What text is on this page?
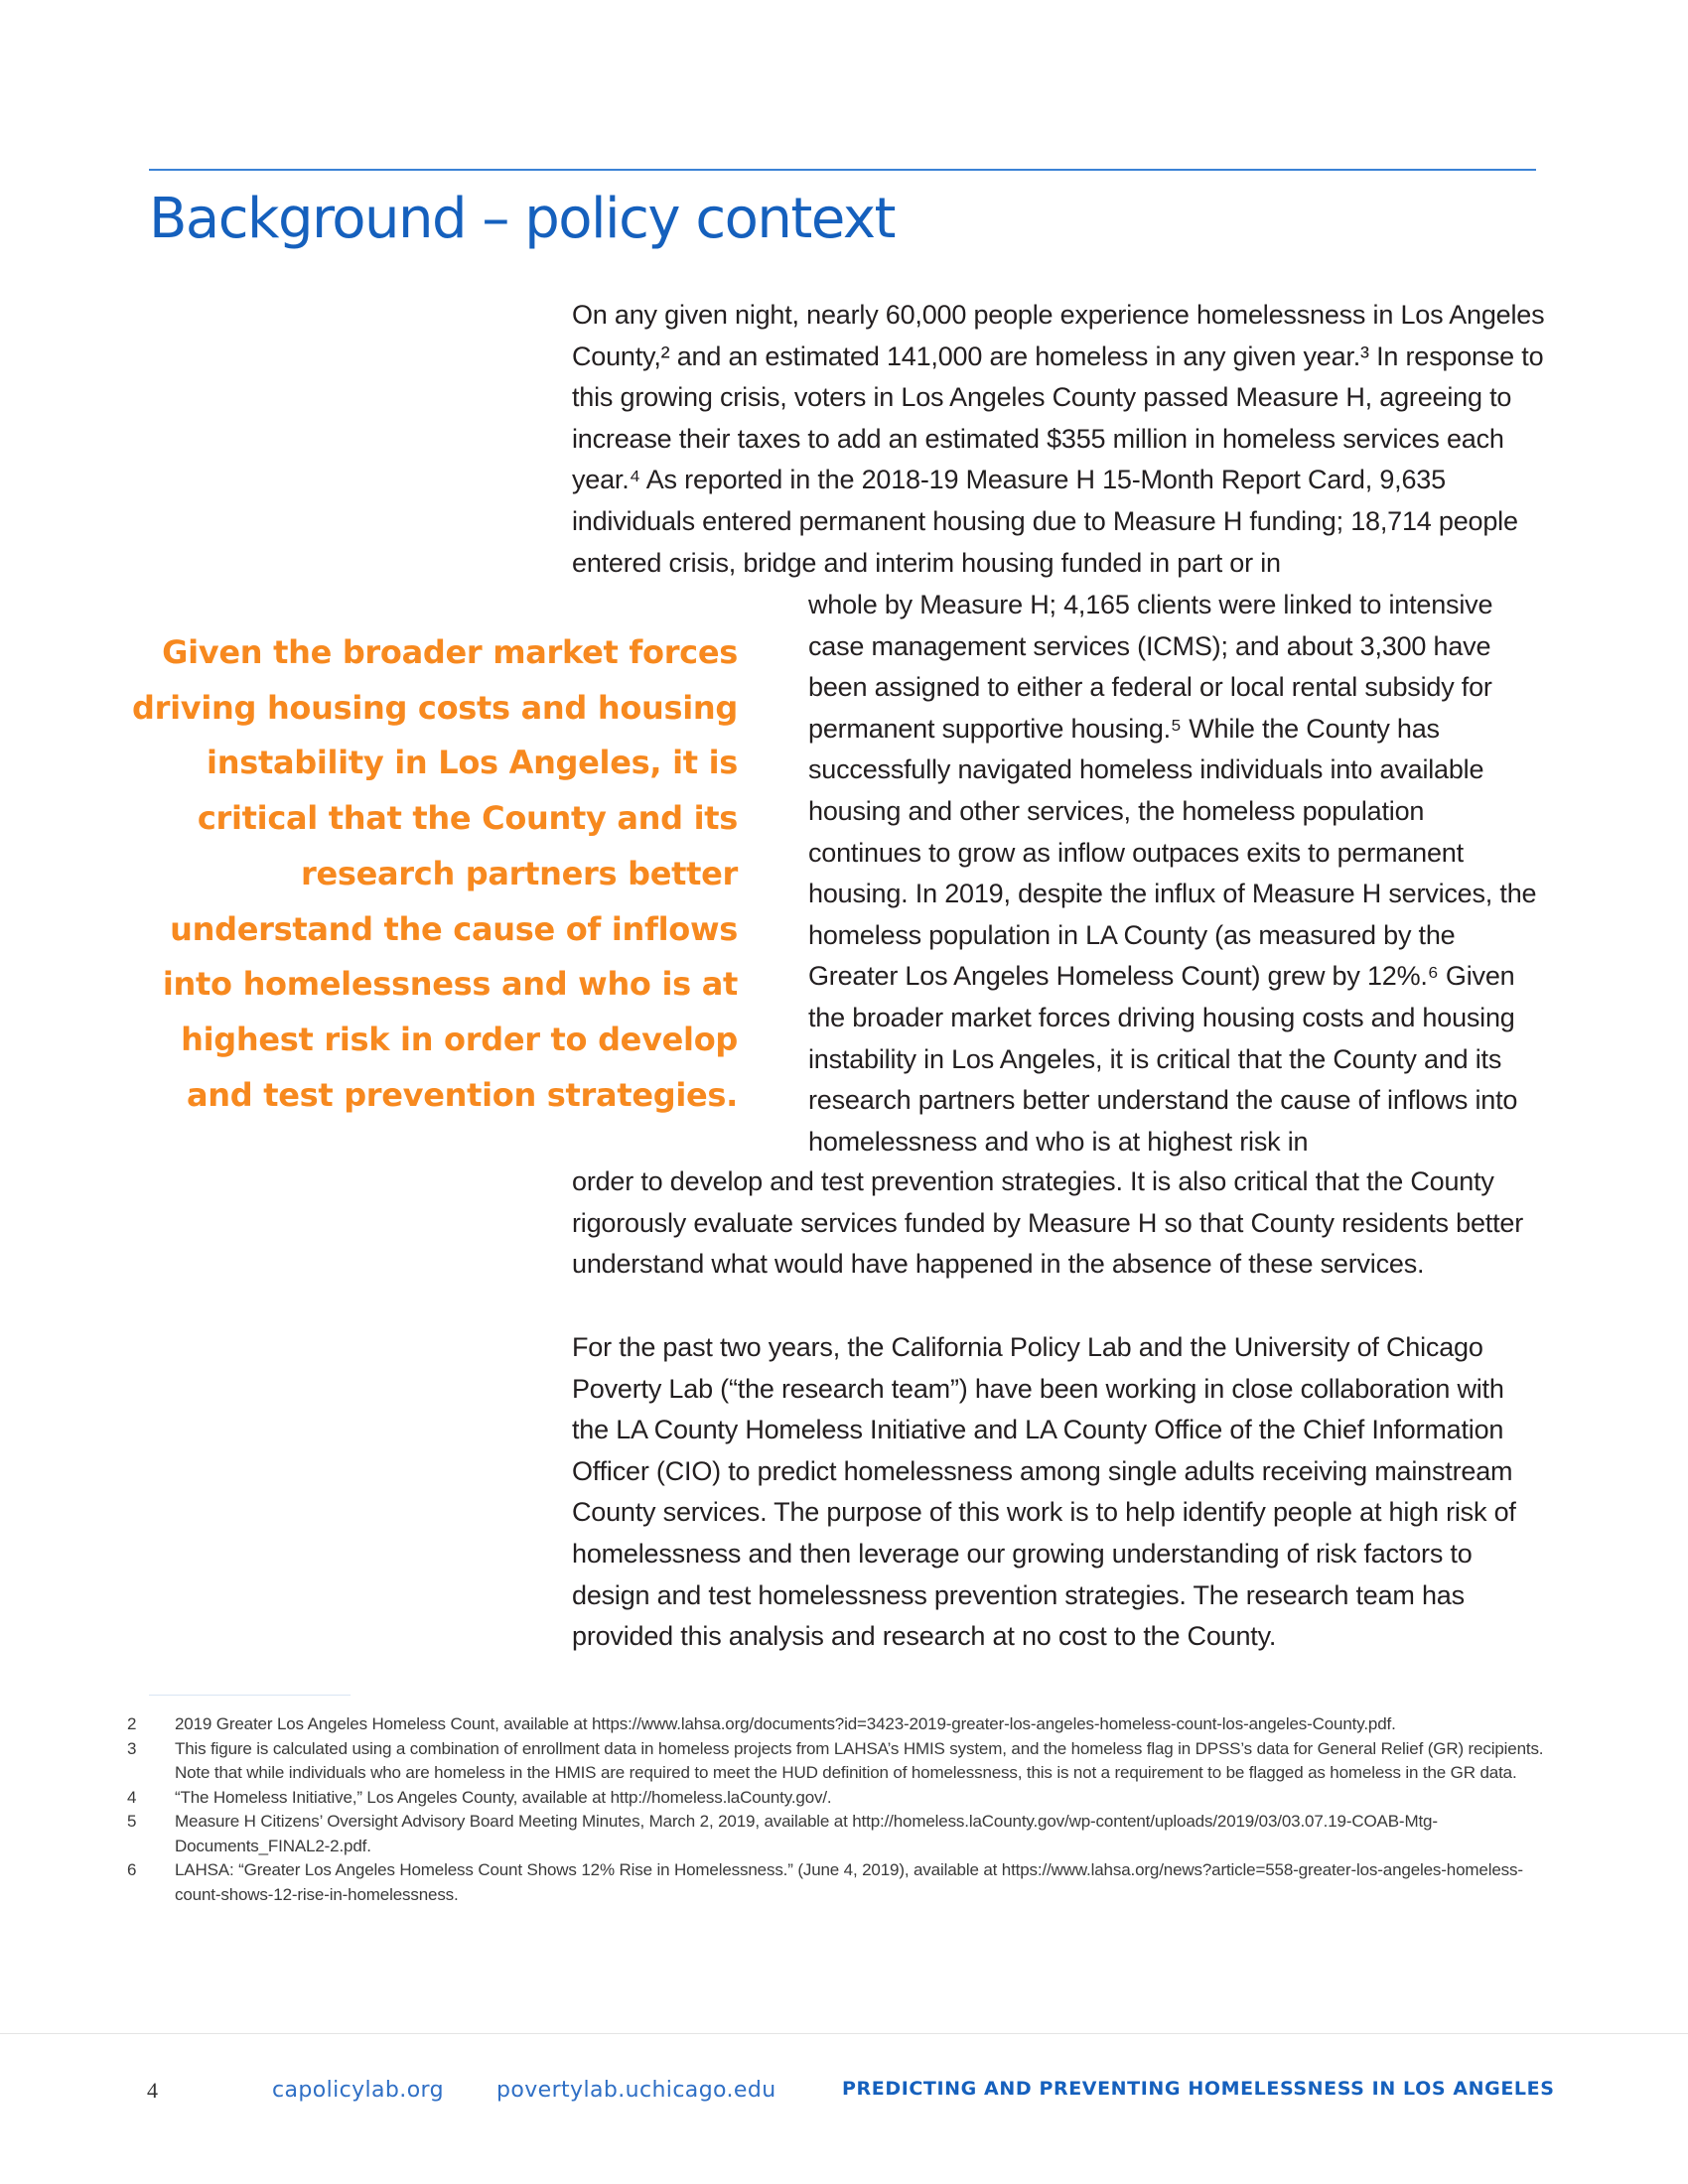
Background – policy context

On any given night, nearly 60,000 people experience homelessness in Los Angeles County,² and an estimated 141,000 are homeless in any given year.³ In response to this growing crisis, voters in Los Angeles County passed Measure H, agreeing to increase their taxes to add an estimated $355 million in homeless services each year.⁴ As reported in the 2018-19 Measure H 15-Month Report Card, 9,635 individuals entered permanent housing due to Measure H funding; 18,714 people entered crisis, bridge and interim housing funded in part or in

whole by Measure H; 4,165 clients were linked to intensive case management services (ICMS); and about 3,300 have been assigned to either a federal or local rental subsidy for permanent supportive housing.⁵ While the County has successfully navigated homeless individuals into available housing and other services, the homeless population continues to grow as inflow outpaces exits to permanent housing. In 2019, despite the influx of Measure H services, the homeless population in LA County (as measured by the Greater Los Angeles Homeless Count) grew by 12%.⁶ Given the broader market forces driving housing costs and housing instability in Los Angeles, it is critical that the County and its research partners better understand the cause of inflows into homelessness and who is at highest risk in

order to develop and test prevention strategies. It is also critical that the County rigorously evaluate services funded by Measure H so that County residents better understand what would have happened in the absence of these services.

For the past two years, the California Policy Lab and the University of Chicago Poverty Lab (“the research team”) have been working in close collaboration with the LA County Homeless Initiative and LA County Office of the Chief Information Officer (CIO) to predict homelessness among single adults receiving mainstream County services. The purpose of this work is to help identify people at high risk of homelessness and then leverage our growing understanding of risk factors to design and test homelessness prevention strategies. The research team has provided this analysis and research at no cost to the County.

Given the broader market forces driving housing costs and housing instability in Los Angeles, it is critical that the County and its research partners better understand the cause of inflows into homelessness and who is at highest risk in order to develop and test prevention strategies.

2	2019 Greater Los Angeles Homeless Count, available at https://www.lahsa.org/documents?id=3423-2019-greater-los-angeles-homeless-count-los-angeles-County.pdf.
3	This figure is calculated using a combination of enrollment data in homeless projects from LAHSA’s HMIS system, and the homeless flag in DPSS’s data for General Relief (GR) recipients. Note that while individuals who are homeless in the HMIS are required to meet the HUD definition of homelessness, this is not a requirement to be flagged as homeless in the GR data.
4	“The Homeless Initiative,” Los Angeles County, available at http://homeless.laCounty.gov/.
5	Measure H Citizens’ Oversight Advisory Board Meeting Minutes, March 2, 2019, available at http://homeless.laCounty.gov/wp-content/uploads/2019/03/03.07.19-COAB-Mtg-Documents_FINAL2-2.pdf.
6	LAHSA: “Greater Los Angeles Homeless Count Shows 12% Rise in Homelessness.” (June 4, 2019), available at https://www.lahsa.org/news?article=558-greater-los-angeles-homeless-count-shows-12-rise-in-homelessness.
4	capolicylab.org povertylab.uchicago.edu	PREDICTING AND PREVENTING HOMELESSNESS IN LOS ANGELES
